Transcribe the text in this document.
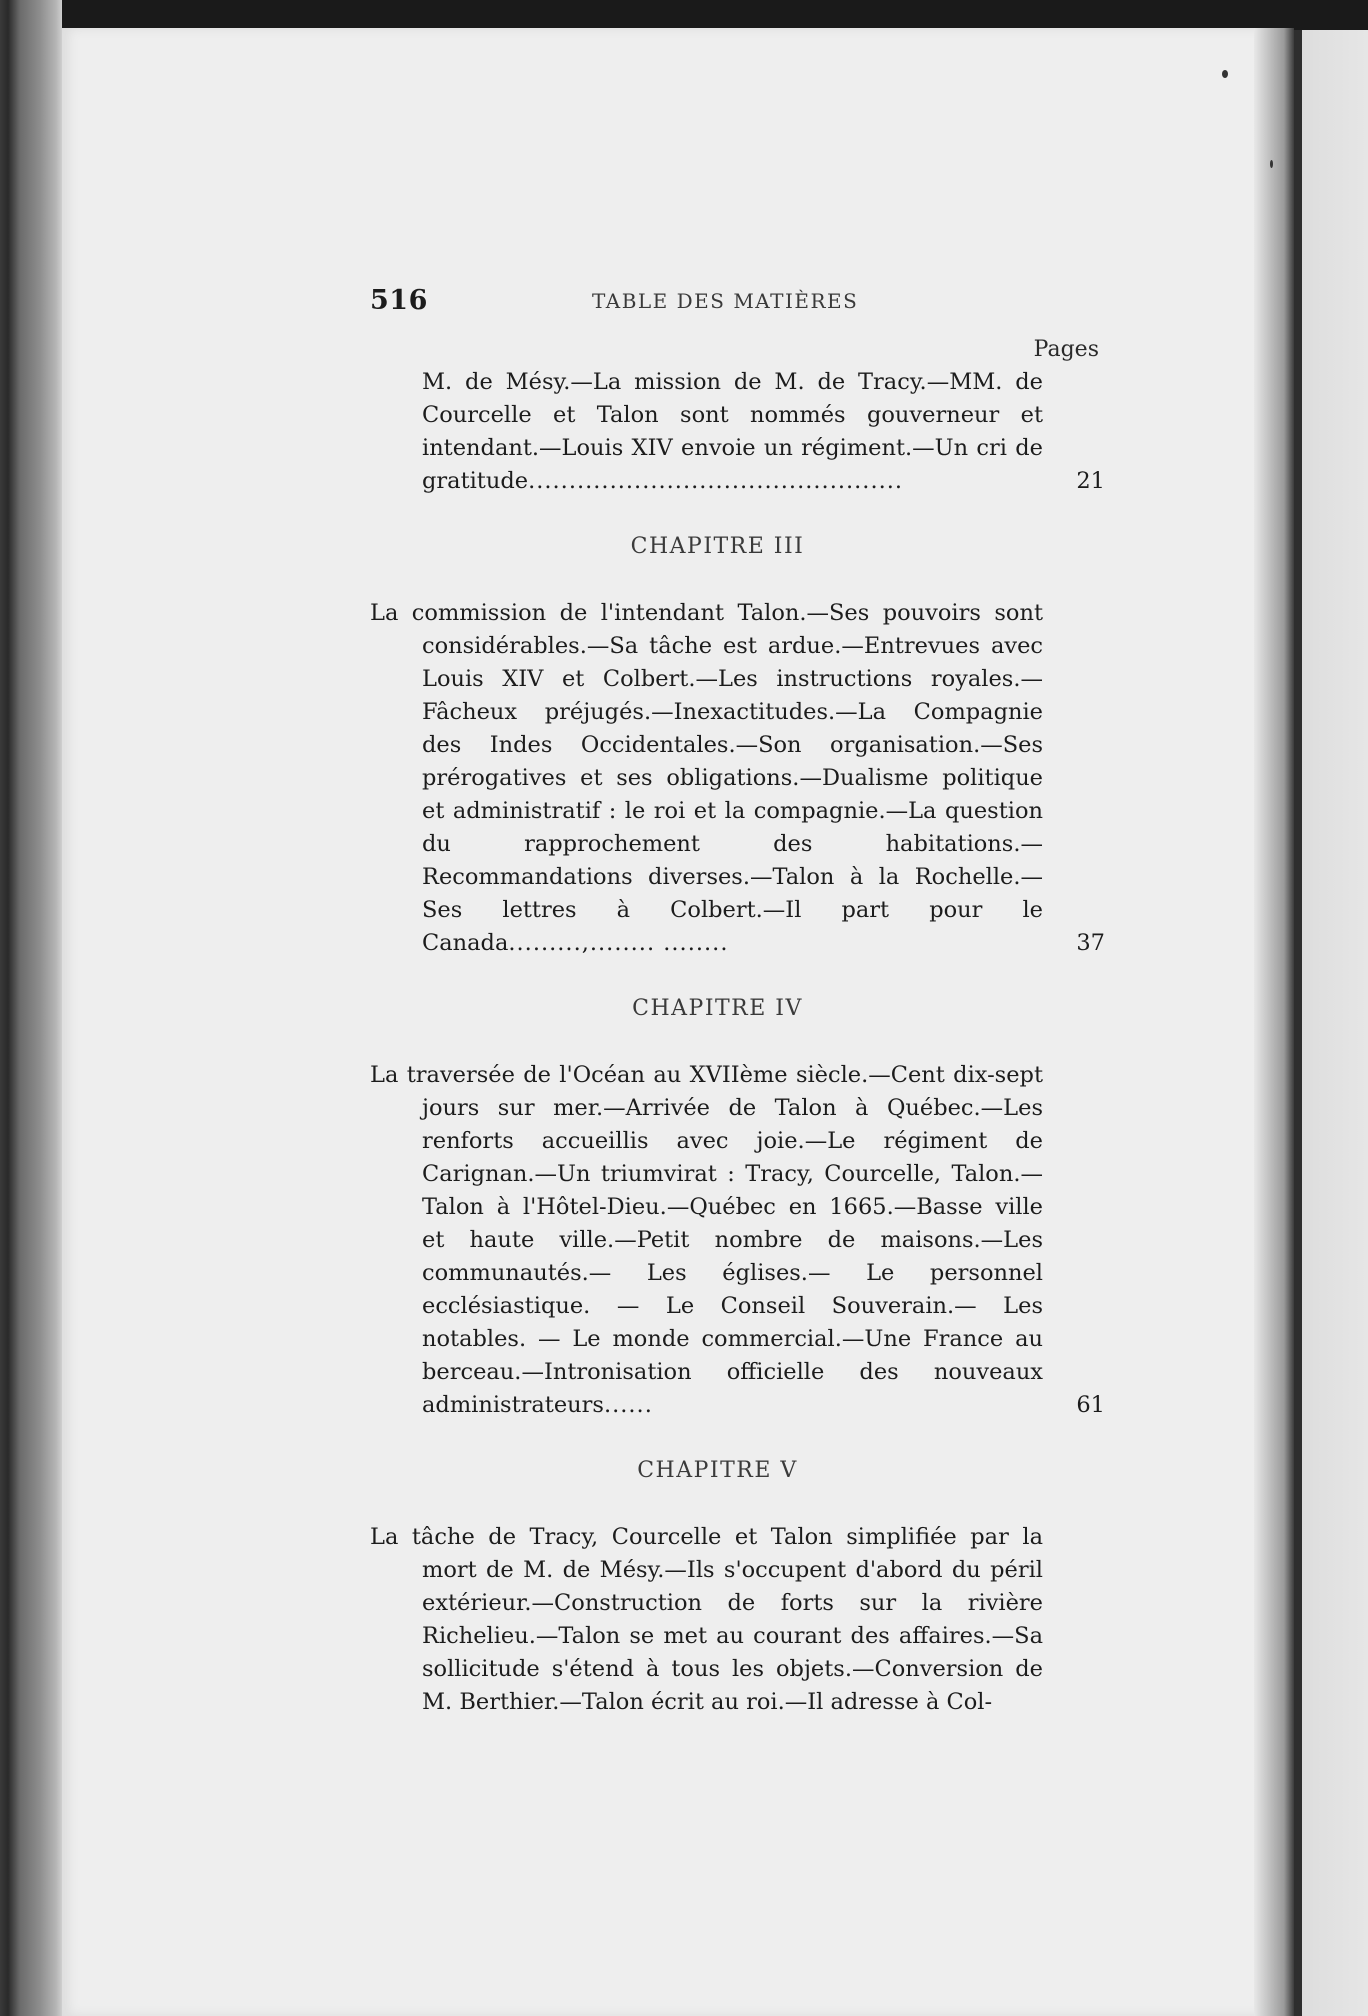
516	TABLE DES MATIÈRES
Pages

M. de Mésy.—La mission de M. de Tracy.—MM. de Courcelle et Talon sont nommés gouverneur et intendant.—Louis XIV envoie un régiment.—Un cri de gratitude..............................................	21
CHAPITRE III

La commission de l'intendant Talon.—Ses pouvoirs sont considérables.—Sa tâche est ardue.—Entrevues avec Louis XIV et Colbert.—Les instructions royales.—Fâcheux préjugés.—Inexactitudes.—La Compagnie des Indes Occidentales.—Son organisation.—Ses prérogatives et ses obligations.—Dualisme politique et administratif : le roi et la compagnie.—La question du rapprochement des habitations.—Recommandations diverses.—Talon à la Rochelle.—Ses lettres à Colbert.—Il part pour le Canada.........,........ ........	37
CHAPITRE IV

La traversée de l'Océan au XVIIème siècle.—Cent dix-sept jours sur mer.—Arrivée de Talon à Québec.—Les renforts accueillis avec joie.—Le régiment de Carignan.—Un triumvirat : Tracy, Courcelle, Talon.—Talon à l'Hôtel-Dieu.—Québec en 1665.—Basse ville et haute ville.—Petit nombre de maisons.—Les communautés.— Les églises.— Le personnel ecclésiastique. — Le Conseil Souverain.— Les notables. — Le monde commercial.—Une France au berceau.—Intronisation officielle des nouveaux administrateurs......	61
CHAPITRE V

La tâche de Tracy, Courcelle et Talon simplifiée par la mort de M. de Mésy.—Ils s'occupent d'abord du péril extérieur.—Construction de forts sur la rivière Richelieu.—Talon se met au courant des affaires.—Sa sollicitude s'étend à tous les objets.—Conversion de M. Berthier.—Talon écrit au roi.—Il adresse à Col-
